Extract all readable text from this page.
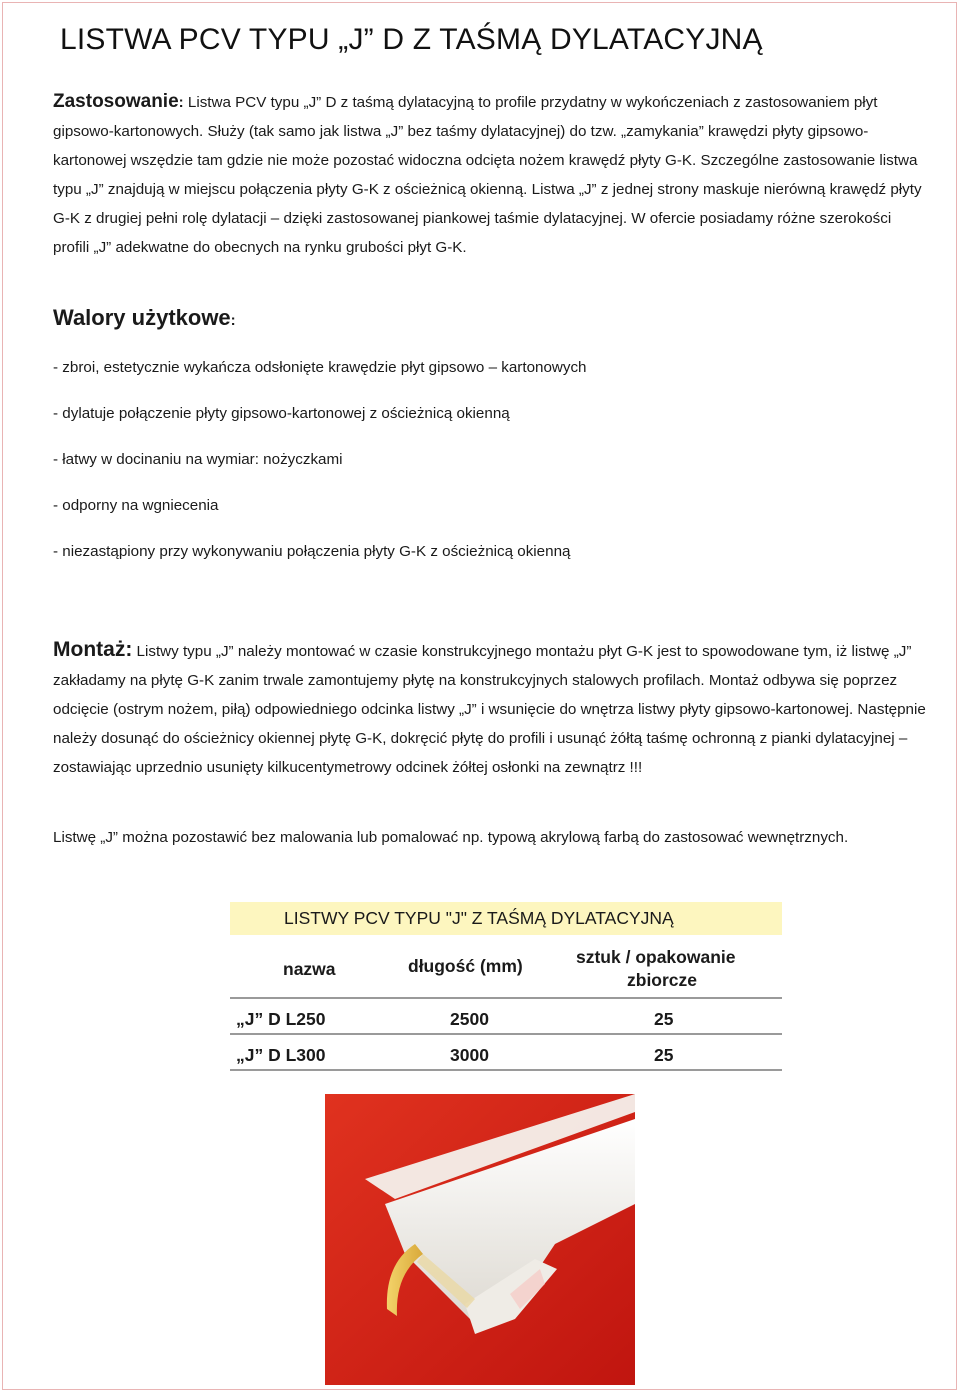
LISTWA PCV TYPU „J” D Z TAŚMĄ DYLATACYJNĄ

Zastosowanie: Listwa PCV typu „J” D z taśmą dylatacyjną to profile przydatny w wykończeniach z zastosowaniem płyt gipsowo-kartonowych. Służy (tak samo jak listwa „J” bez taśmy dylatacyjnej) do tzw. „zamykania” krawędzi płyty gipsowo-kartonowej wszędzie tam gdzie nie może pozostać widoczna odcięta nożem krawędź płyty G-K. Szczególne zastosowanie listwa typu „J” znajdują w miejscu połączenia płyty G-K z ościeżnicą okienną. Listwa „J” z jednej strony maskuje nierówną krawędź płyty G-K z drugiej pełni rolę dylatacji – dzięki zastosowanej piankowej taśmie dylatacyjnej. W ofercie posiadamy różne szerokości profili „J” adekwatne do obecnych na rynku grubości płyt G-K.

Walory użytkowe:

- zbroi, estetycznie wykańcza odsłonięte krawędzie płyt gipsowo – kartonowych

- dylatuje połączenie płyty gipsowo-kartonowej z ościeżnicą okienną

- łatwy w docinaniu na wymiar: nożyczkami

- odporny na wgniecenia

- niezastąpiony przy wykonywaniu połączenia płyty G-K z ościeżnicą okienną

Montaż: Listwy typu „J” należy montować w czasie konstrukcyjnego montażu płyt G-K jest to spowodowane tym, iż listwę „J” zakładamy na płytę G-K zanim trwale zamontujemy płytę na konstrukcyjnych stalowych profilach. Montaż odbywa się poprzez odcięcie (ostrym nożem, piłą) odpowiedniego odcinka listwy „J” i wsunięcie do wnętrza listwy płyty gipsowo-kartonowej. Następnie należy dosunąć do ościeżnicy okiennej płytę G-K, dokręcić płytę do profili i usunąć żółtą taśmę ochronną z pianki dylatacyjnej – zostawiając uprzednio usunięty kilkucentymetrowy odcinek żółtej osłonki na zewnątrz !!!

Listwę „J” można pozostawić bez malowania lub pomalować np. typową akrylową farbą do zastosować wewnętrznych.

LISTWY PCV TYPU "J" Z TAŚMĄ DYLATACYJNĄ
nazwa	długość (mm)	sztuk / opakowanie
zbiorcze
„J” D L250	2500	25
„J” D L300	3000	25
